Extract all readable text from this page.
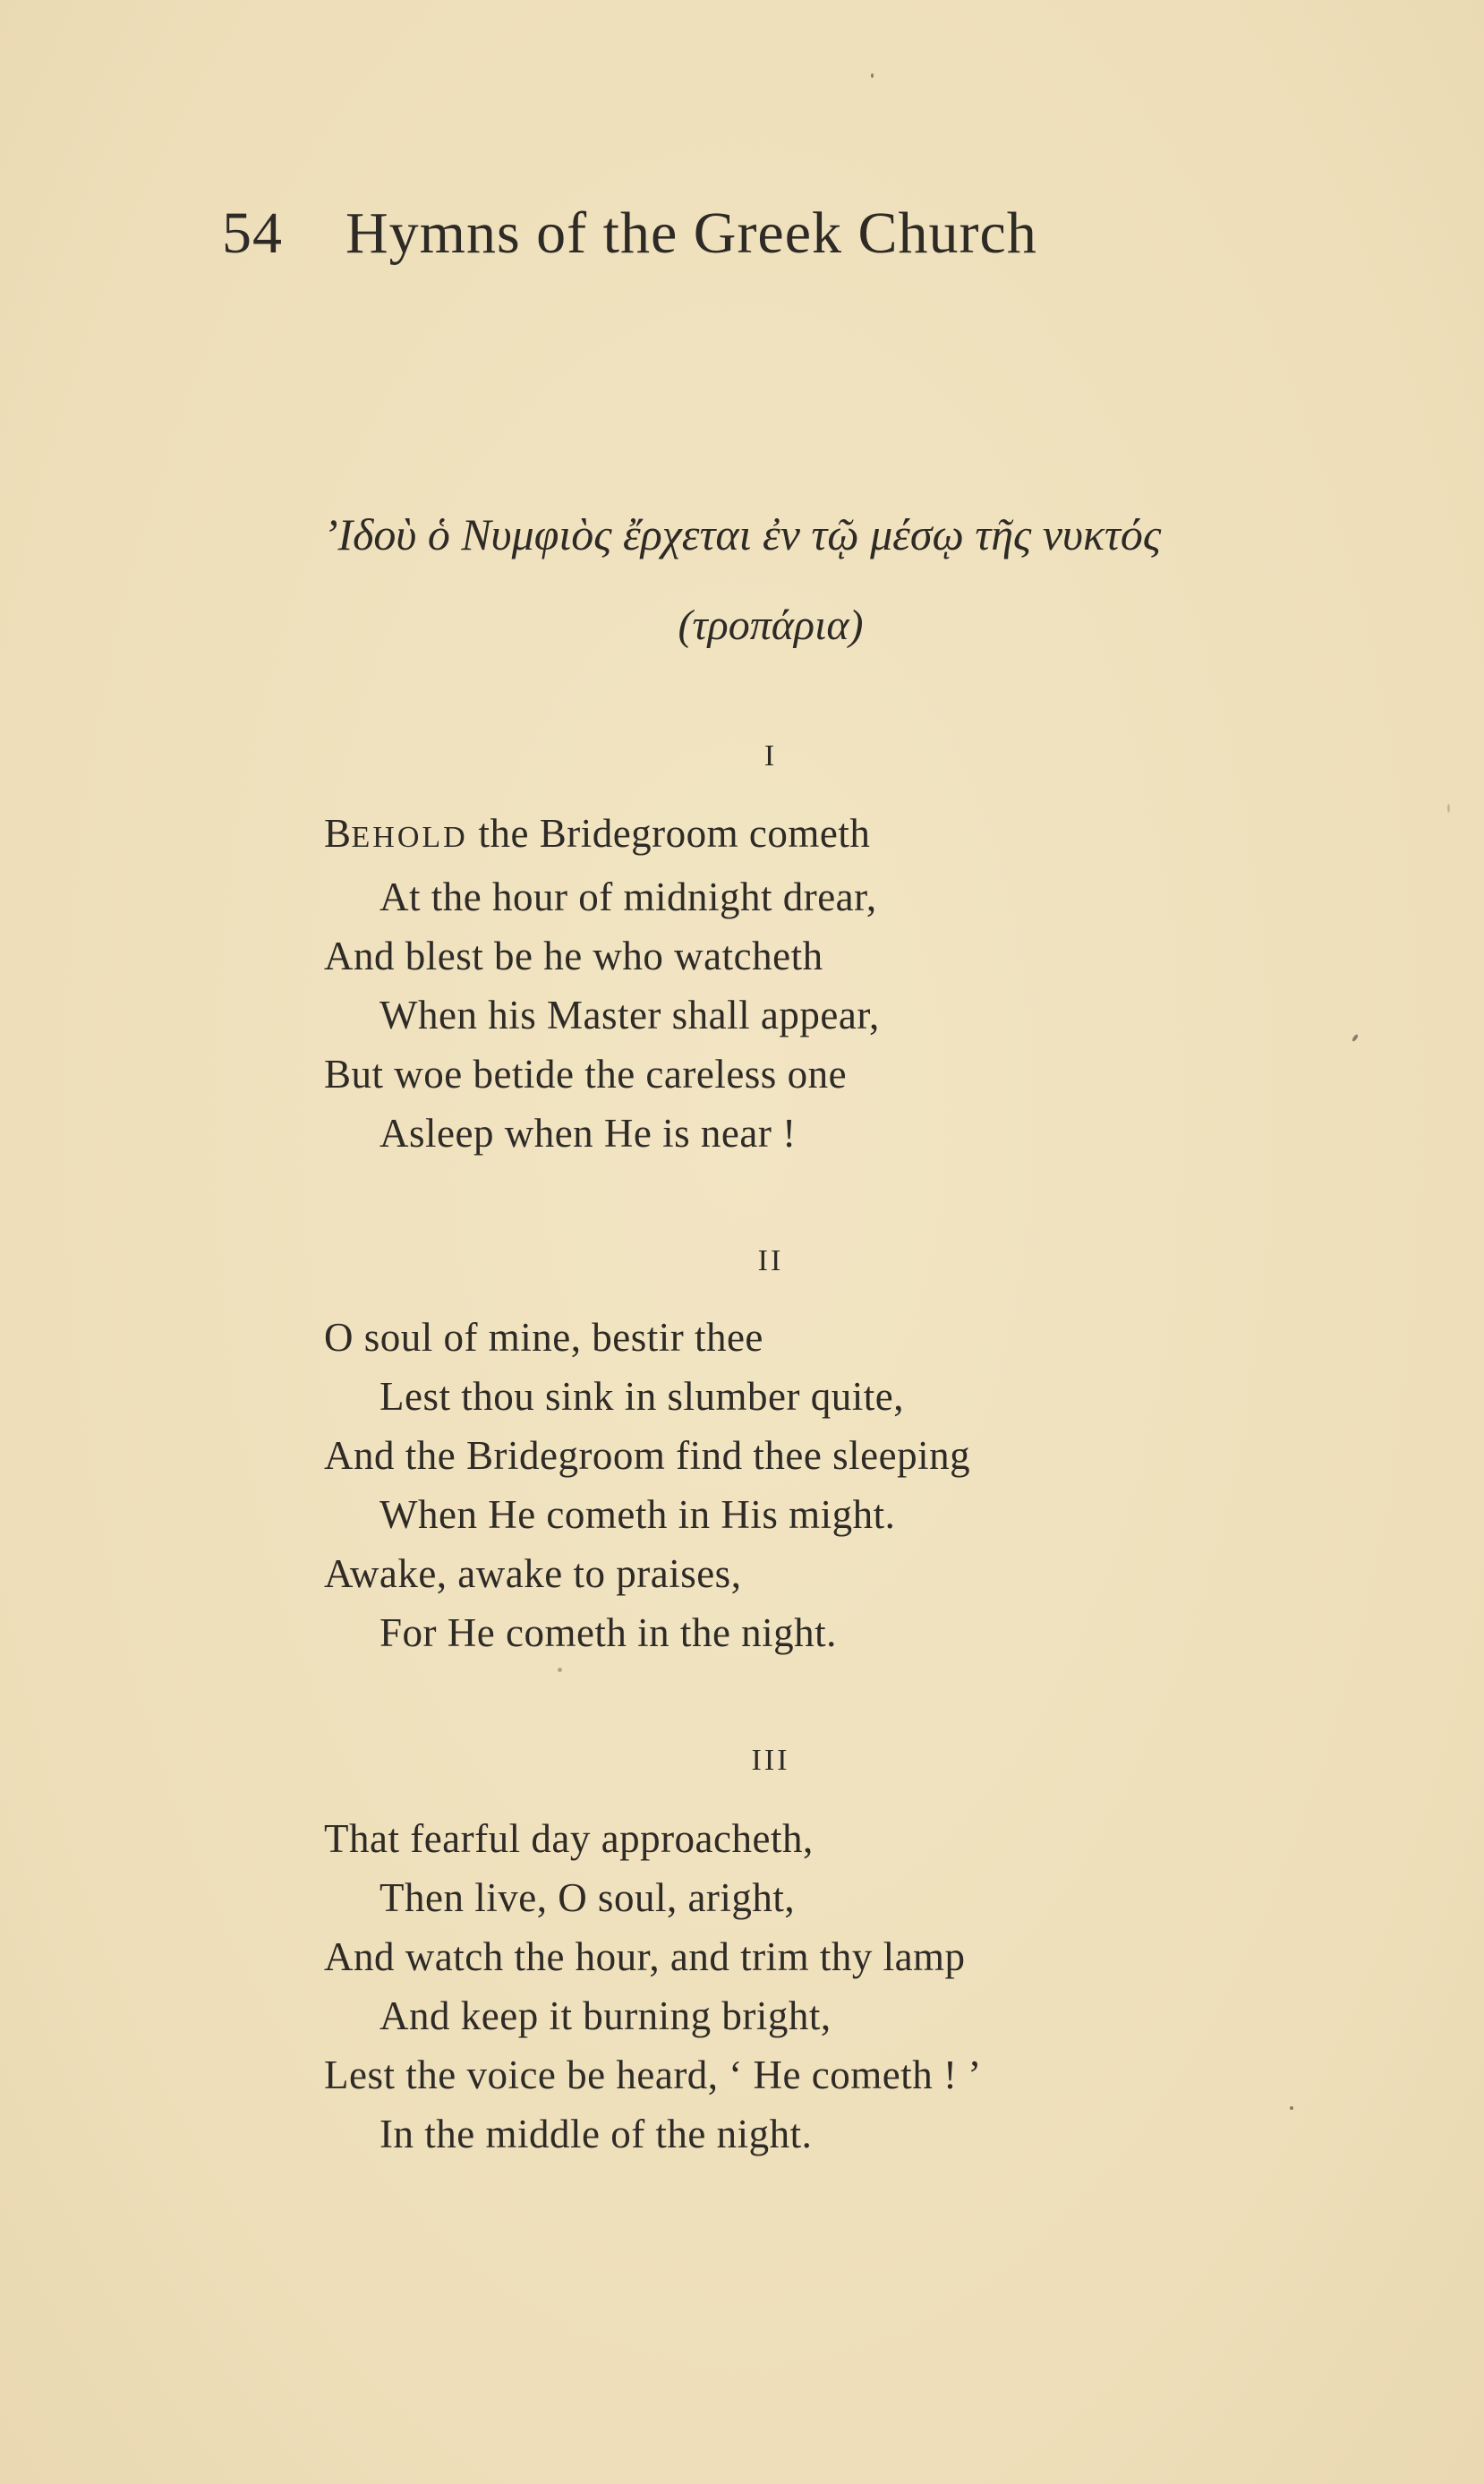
54 Hymns of the Greek Church
’Ιδοὺ ὁ Νυμφιὸς ἔρχεται ἐν τῷ μέσῳ τῆς νυκτός
(τροπάρια)
I
BEHOLD the Bridegroom cometh
At the hour of midnight drear,
And blest be he who watcheth
When his Master shall appear,
But woe betide the careless one
Asleep when He is near !
II
O soul of mine, bestir thee
Lest thou sink in slumber quite,
And the Bridegroom find thee sleeping
When He cometh in His might.
Awake, awake to praises,
For He cometh in the night.
III
That fearful day approacheth,
Then live, O soul, aright,
And watch the hour, and trim thy lamp
And keep it burning bright,
Lest the voice be heard, ‘ He cometh ! ’
In the middle of the night.
